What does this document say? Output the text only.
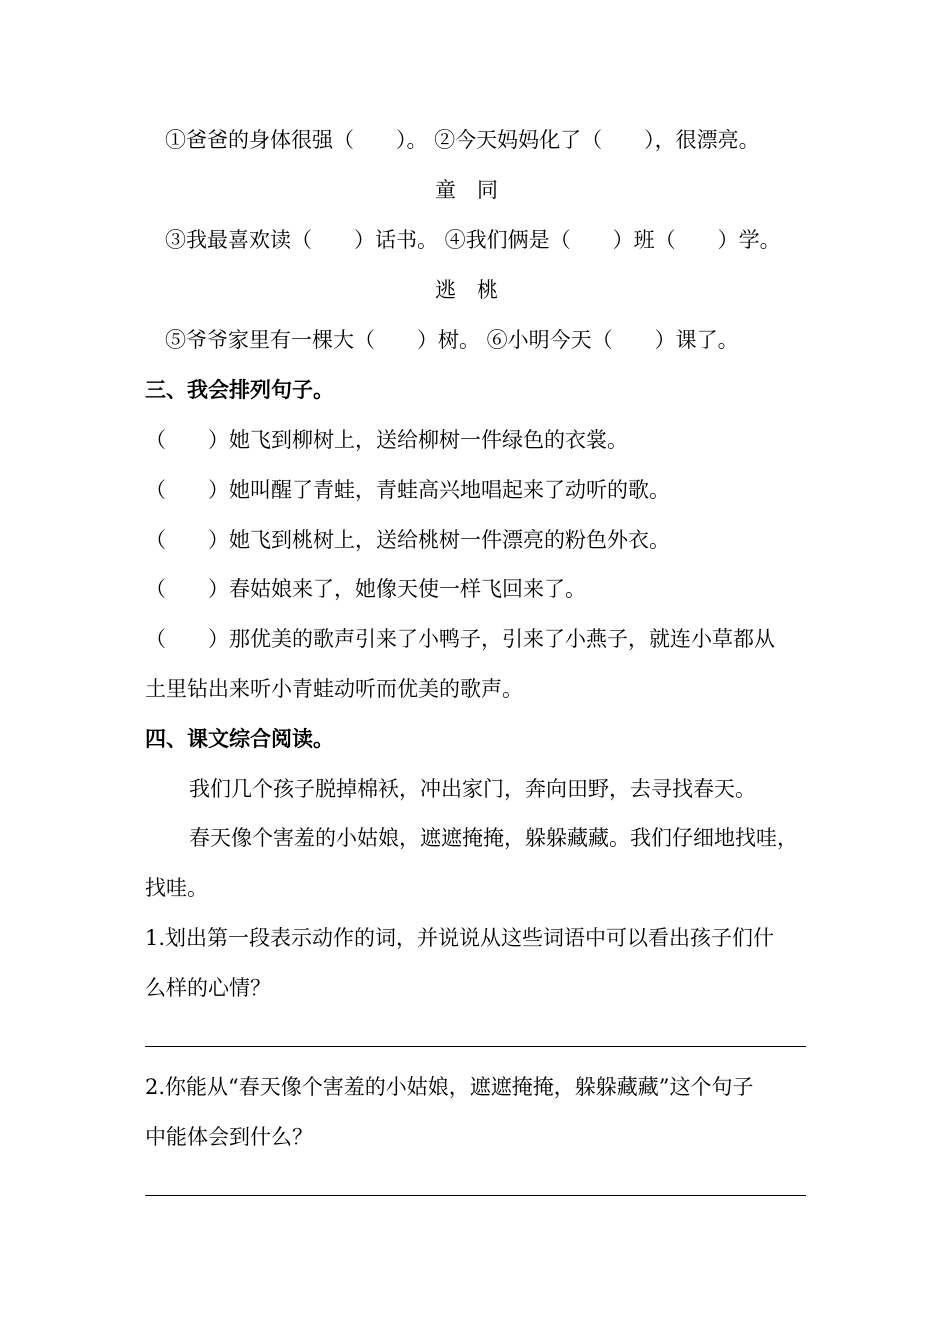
①爸爸的身体很强（　　）。 ②今天妈妈化了（　　），很漂亮。
童　同
③我最喜欢读（　　）话书。 ④我们俩是（　　）班（　　）学。
逃　桃
⑤爷爷家里有一棵大（　　）树。 ⑥小明今天（　　）课了。
三、我会排列句子。
（　　）她飞到柳树上，送给柳树一件绿色的衣裳。
（　　）她叫醒了青蛙，青蛙高兴地唱起来了动听的歌。
（　　）她飞到桃树上，送给桃树一件漂亮的粉色外衣。
（　　）春姑娘来了，她像天使一样飞回来了。
（　　）那优美的歌声引来了小鸭子，引来了小燕子，就连小草都从
土里钻出来听小青蛙动听而优美的歌声。
四、课文综合阅读。
我们几个孩子脱掉棉袄，冲出家门，奔向田野，去寻找春天。
春天像个害羞的小姑娘，遮遮掩掩，躲躲藏藏。我们仔细地找哇，
找哇。
1.划出第一段表示动作的词，并说说从这些词语中可以看出孩子们什
么样的心情？
2.你能从“春天像个害羞的小姑娘，遮遮掩掩，躲躲藏藏”这个句子
中能体会到什么？
